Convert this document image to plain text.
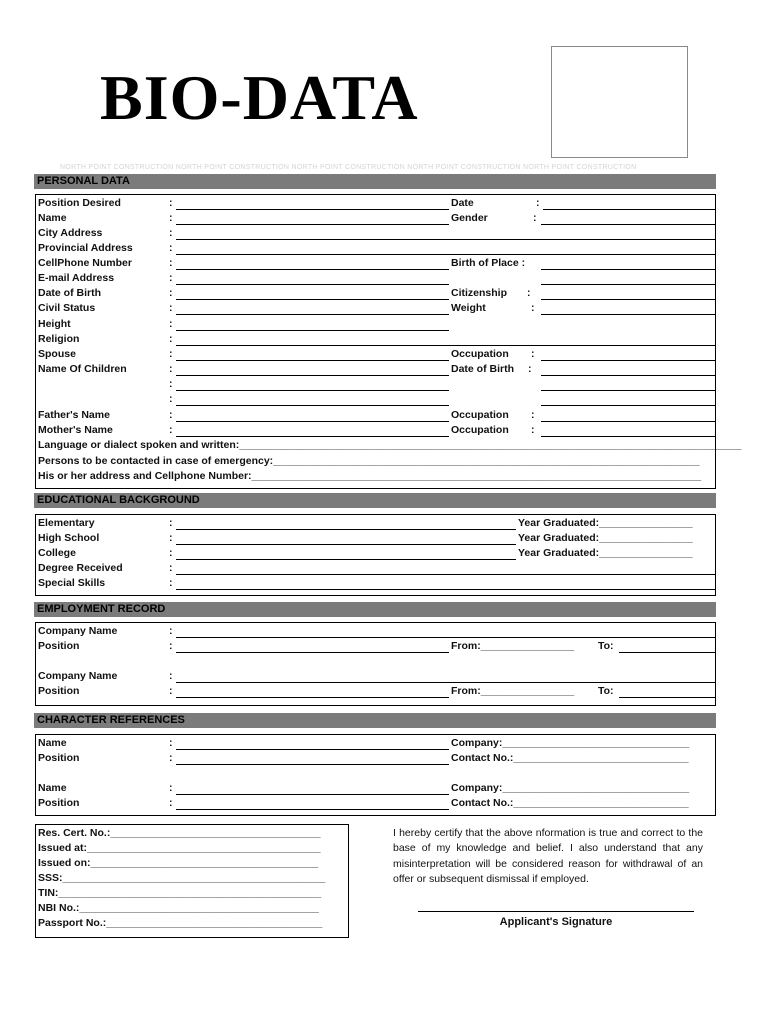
BIO-DATA
NORTH POINT CONSTRUCTION NORTH POINT CONSTRUCTION NORTH POINT CONSTRUCTION NORTH POINT CONSTRUCTION NORTH POINT CONSTRUCTION
PERSONAL DATA
Position Desired	:	Date	:
Name	:	Gender	:
City Address	:
Provincial Address	:
CellPhone Number	:	Birth of Place :
E-mail Address	:
Date of Birth	:	Citizenship :
Civil Status	:	Weight	:
Height	:
Religion	:
Spouse	:	Occupation :
Name Of Children	:	Date of Birth :
:
:
Father's Name	:	Occupation :
Mother's Name	:	Occupation :
Language or dialect spoken and written:______________________________________________________________________________________
Persons to be contacted in case of emergency:_________________________________________________________________________
His or her address and Cellphone Number:_____________________________________________________________________________
EDUCATIONAL BACKGROUND
Elementary	:	Year Graduated:________________
High School	:	Year Graduated:________________
College	:	Year Graduated:________________
Degree Received	:
Special Skills	:
EMPLOYMENT RECORD
Company Name	:
Position	:	From:________________ To:
Company Name	:
Position	:	From:________________ To:
CHARACTER REFERENCES
Name	:	Company:________________________________
Position	:	Contact No.:______________________________
Name	:	Company:________________________________
Position	:	Contact No.:______________________________
Res. Cert. No.:____________________________________
Issued at:________________________________________
Issued on:_______________________________________
SSS:_____________________________________________
TIN:_____________________________________________
NBI No.:_________________________________________
Passport No.:_____________________________________
I hereby certify that the above nformation is true and correct to the base of my knowledge and belief. I also understand that any misinterpretation will be considered reason for withdrawal of an offer or subsequent dismissal if employed.
Applicant's Signature
